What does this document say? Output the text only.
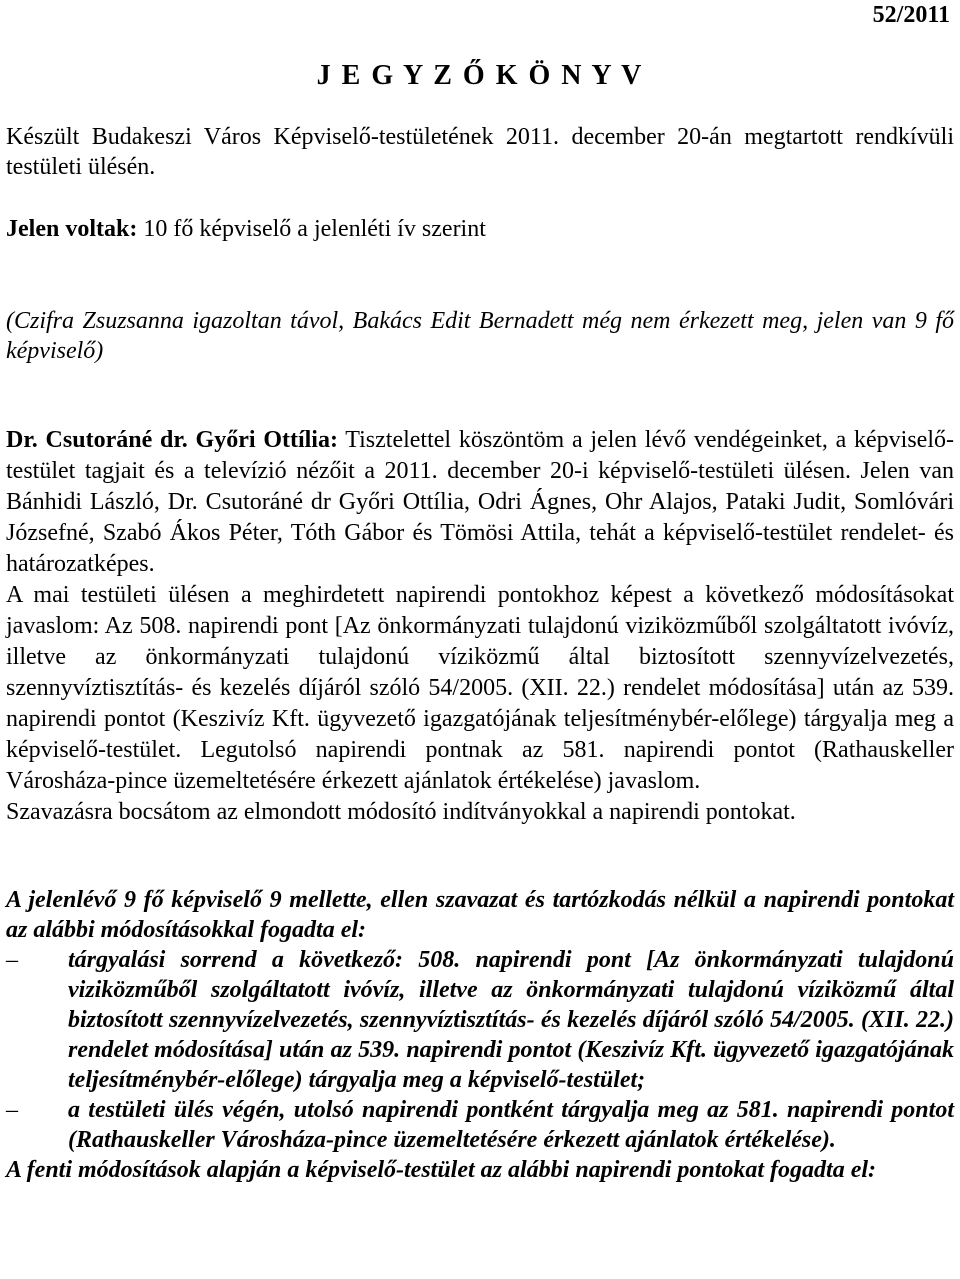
52/2011
J E G Y Z Ő K Ö N Y V
Készült Budakeszi Város Képviselő-testületének 2011. december 20-án megtartott rendkívüli testületi ülésén.
Jelen voltak: 10 fő képviselő a jelenléti ív szerint
(Czifra Zsuzsanna igazoltan távol, Bakács Edit Bernadett még nem érkezett meg, jelen van 9 fő képviselő)
Dr. Csutoráné dr. Győri Ottília: Tisztelettel köszöntöm a jelen lévő vendégeinket, a képviselő-testület tagjait és a televízió nézőit a 2011. december 20-i képviselő-testületi ülésen. Jelen van Bánhidi László, Dr. Csutoráné dr Győri Ottília, Odri Ágnes, Ohr Alajos, Pataki Judit, Somlóvári Józsefné, Szabó Ákos Péter, Tóth Gábor és Tömösi Attila, tehát a képviselő-testület rendelet- és határozatképes.
A mai testületi ülésen a meghirdetett napirendi pontokhoz képest a következő módosításokat javaslom: Az 508. napirendi pont [Az önkormányzati tulajdonú viziközműből szolgáltatott ivóvíz, illetve az önkormányzati tulajdonú víziközmű által biztosított szennyvízelvezetés, szennyvíztisztítás- és kezelés díjáról szóló 54/2005. (XII. 22.) rendelet módosítása] után az 539. napirendi pontot (Keszivíz Kft. ügyvezető igazgatójának teljesítménybér-előlege) tárgyalja meg a képviselő-testület. Legutolsó napirendi pontnak az 581. napirendi pontot (Rathauskeller Városháza-pince üzemeltetésére érkezett ajánlatok értékelése) javaslom.
Szavazásra bocsátom az elmondott módosító indítványokkal a napirendi pontokat.
A jelenlévő 9 fő képviselő 9 mellette, ellen szavazat és tartózkodás nélkül a napirendi pontokat az alábbi módosításokkal fogadta el:
– tárgyalási sorrend a következő: 508. napirendi pont [Az önkormányzati tulajdonú viziközműből szolgáltatott ivóvíz, illetve az önkormányzati tulajdonú víziközmű által biztosított szennyvízelvezetés, szennyvíztisztítás- és kezelés díjáról szóló 54/2005. (XII. 22.) rendelet módosítása] után az 539. napirendi pontot (Keszivíz Kft. ügyvezető igazgatójának teljesítménybér-előlege) tárgyalja meg a képviselő-testület;
– a testületi ülés végén, utolsó napirendi pontként tárgyalja meg az 581. napirendi pontot (Rathauskeller Városháza-pince üzemeltetésére érkezett ajánlatok értékelése).
A fenti módosítások alapján a képviselő-testület az alábbi napirendi pontokat fogadta el:
